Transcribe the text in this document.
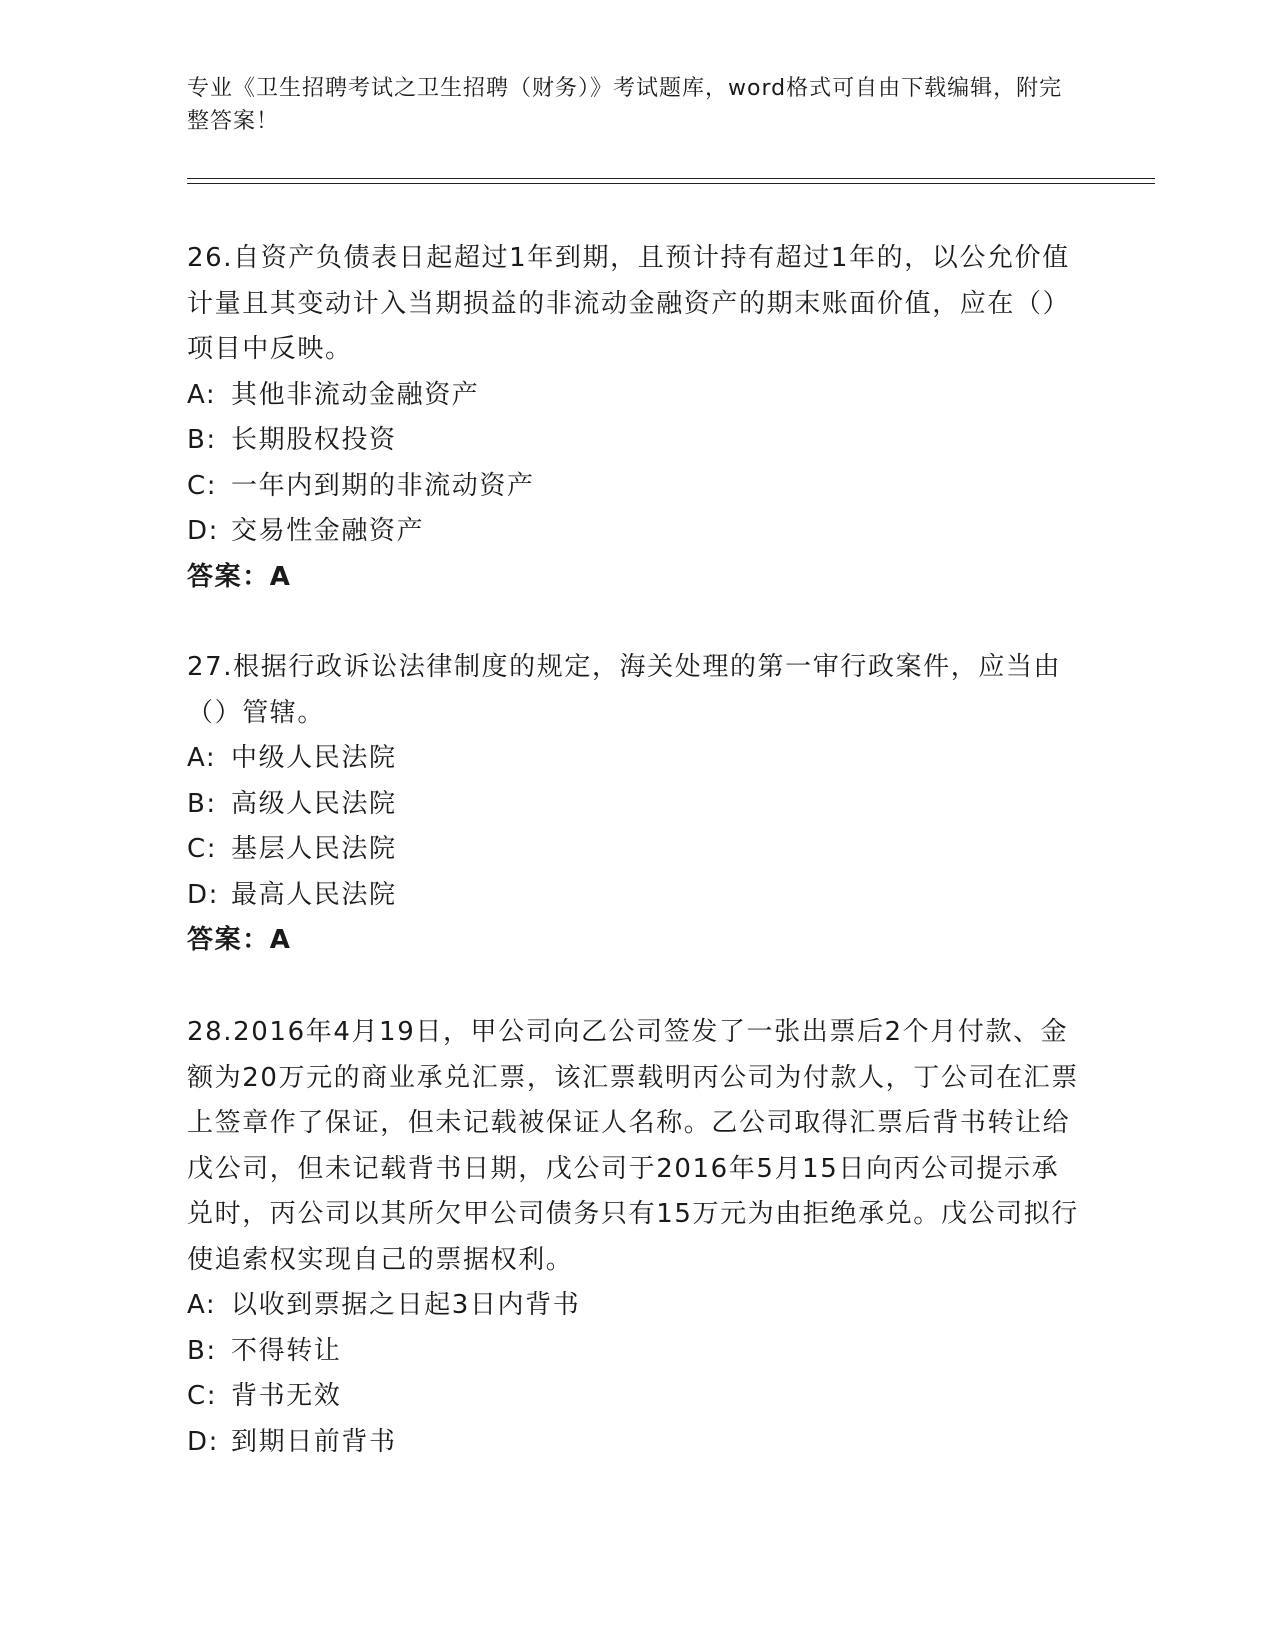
专业《卫生招聘考试之卫生招聘（财务）》考试题库，word格式可自由下载编辑，附完整答案！

26.自资产负债表日起超过1年到期，且预计持有超过1年的，以公允价值计量且其变动计入当期损益的非流动金融资产的期末账面价值，应在（）项目中反映。

A: 其他非流动金融资产
B: 长期股权投资
C: 一年内到期的非流动资产
D: 交易性金融资产
答案：A

27.根据行政诉讼法律制度的规定，海关处理的第一审行政案件，应当由（）管辖。

A: 中级人民法院
B: 高级人民法院
C: 基层人民法院
D: 最高人民法院
答案：A

28.2016年4月19日，甲公司向乙公司签发了一张出票后2个月付款、金额为20万元的商业承兑汇票，该汇票载明丙公司为付款人，丁公司在汇票上签章作了保证，但未记载被保证人名称。乙公司取得汇票后背书转让给戊公司，但未记载背书日期，戊公司于2016年5月15日向丙公司提示承兑时，丙公司以其所欠甲公司债务只有15万元为由拒绝承兑。戊公司拟行使追索权实现自己的票据权利。

A: 以收到票据之日起3日内背书
B: 不得转让
C: 背书无效
D: 到期日前背书
